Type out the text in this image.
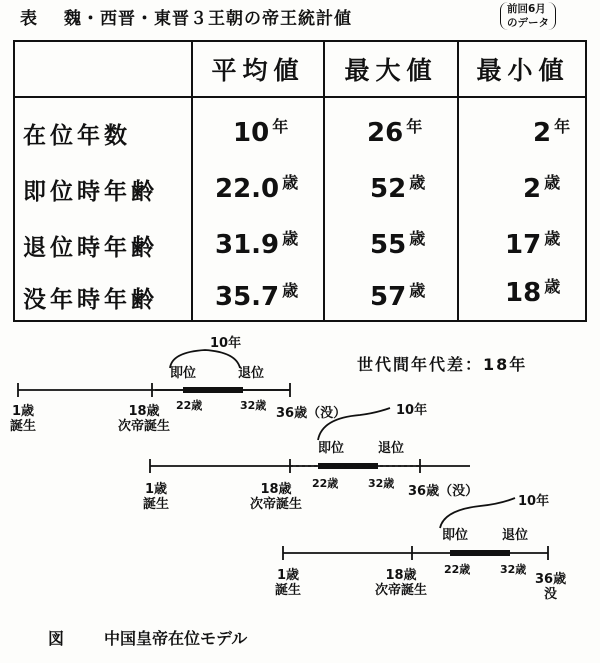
表 魏・西晋・東晋３王朝の帝王統計値	前回6月
のデータ
平均値	最大値	最小値
在位年数	10 年	26 年	2 年
即位時年齢 22.0 歳	52 歳	2 歳
退位時年齢 31.9 歳	55 歳	17 歳
没年時年齢 35.7 歳	57 歳	18 歳
世代間年代差：18年
10年
即位	退位
22歳	32歳
1歳
誕生
18歳
次帝誕生
36歳（没）	10年
即位	退位
22歳	32歳
1歳
誕生
18歳
次帝誕生
36歳（没）
10年
即位	退位
22歳	32歳
1歳
誕生
18歳
次帝誕生
36歳
没
図	中国皇帝在位モデル
